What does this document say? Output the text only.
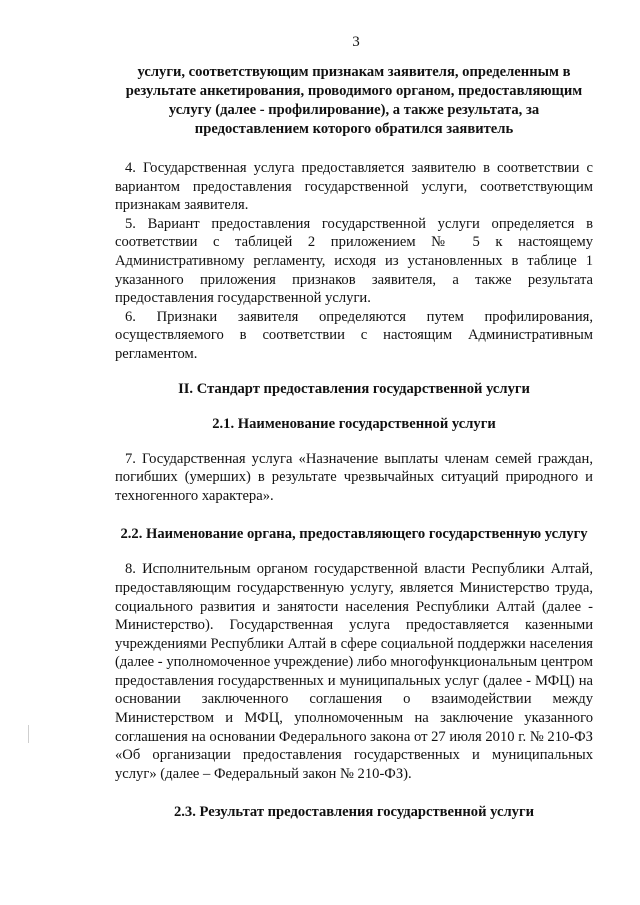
3
услуги, соответствующим признакам заявителя, определенным в результате анкетирования, проводимого органом, предоставляющим услугу (далее - профилирование), а также результата, за предоставлением которого обратился заявитель

4. Государственная услуга предоставляется заявителю в соответствии с вариантом предоставления государственной услуги, соответствующим признакам заявителя.

5. Вариант предоставления государственной услуги определяется в соответствии с таблицей 2 приложением № 5 к настоящему Административному регламенту, исходя из установленных в таблице 1 указанного приложения признаков заявителя, а также результата предоставления государственной услуги.

6. Признаки заявителя определяются путем профилирования, осуществляемого в соответствии с настоящим Административным регламентом.

II. Стандарт предоставления государственной услуги
2.1. Наименование государственной услуги

7. Государственная услуга «Назначение выплаты членам семей граждан, погибших (умерших) в результате чрезвычайных ситуаций природного и техногенного характера».

2.2. Наименование органа, предоставляющего государственную услугу

8. Исполнительным органом государственной власти Республики Алтай, предоставляющим государственную услугу, является Министерство труда, социального развития и занятости населения Республики Алтай (далее - Министерство). Государственная услуга предоставляется казенными учреждениями Республики Алтай в сфере социальной поддержки населения (далее - уполномоченное учреждение) либо многофункциональным центром предоставления государственных и муниципальных услуг (далее - МФЦ) на основании заключенного соглашения о взаимодействии между Министерством и МФЦ, уполномоченным на заключение указанного соглашения на основании Федерального закона от 27 июля 2010 г. № 210-ФЗ «Об организации предоставления государственных и муниципальных услуг» (далее – Федеральный закон № 210-ФЗ).

2.3. Результат предоставления государственной услуги
